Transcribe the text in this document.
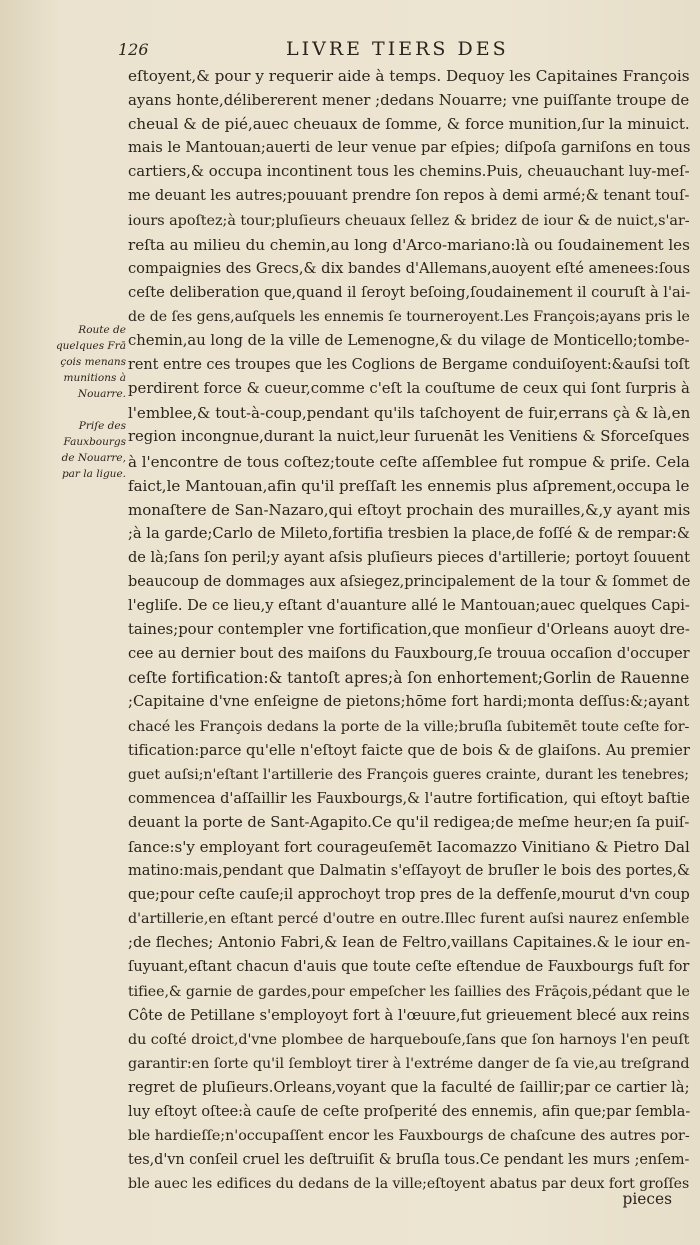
126	LIVRE TIERS DES
Route de
quelques Frā
çois menans
munitions à
Nouarre.
Priſe des
Fauxbourgs
de Nouarre,
par la ligue.
eſtoyent,& pour y requerir aide à temps. Dequoy les Capitaines François
ayans honte,délibererent mener ;dedans Nouarre; vne puiſſante troupe de
cheual & de pié,auec cheuaux de ſomme, & force munition,ſur la minuict.
mais le Mantouan;auerti de leur venue par eſpies; diſpoſa garniſons en tous
cartiers,& occupa incontinent tous les chemins.Puis, cheuauchant luy-meſ-
me deuant les autres;pouuant prendre ſon repos à demi armé;& tenant touſ-
iours apoſtez;à tour;pluſieurs cheuaux ſellez & bridez de iour & de nuict,s'ar-
reſta au milieu du chemin,au long d'Arco-mariano:là ou ſoudainement les
compaignies des Grecs,& dix bandes d'Allemans,auoyent eſté amenees:ſous
ceſte deliberation que,quand il ſeroyt beſoing,ſoudainement il couruſt à l'ai-
de de ſes gens,auſquels les ennemis ſe tourneroyent.Les François;ayans pris le
chemin,au long de la ville de Lemenogne,& du vilage de Monticello;tombe-
rent entre ces troupes que les Coglions de Bergame conduiſoyent:&auſsi toſt
perdirent force & cueur,comme c'eſt la couſtume de ceux qui ſont ſurpris à
l'emblee,& tout-à-coup,pendant qu'ils taſchoyent de fuir,errans çà & là,en
region incongnue,durant la nuict,leur ſuruenāt les Venitiens & Sforceſques
à l'encontre de tous coſtez;toute ceſte aſſemblee fut rompue & priſe. Cela
faict,le Mantouan,afin qu'il preſſaſt les ennemis plus aſprement,occupa le
monaſtere de San-Nazaro,qui eſtoyt prochain des murailles,&,y ayant mis
;à la garde;Carlo de Mileto,fortifia tresbien la place,de foſſé & de rempar:&
de là;ſans ſon peril;y ayant aſsis pluſieurs pieces d'artillerie; portoyt ſouuent
beaucoup de dommages aux aſsiegez,principalement de la tour & ſommet de
l'egliſe. De ce lieu,y eſtant d'auanture allé le Mantouan;auec quelques Capi-
taines;pour contempler vne fortification,que monſieur d'Orleans auoyt dre-
cee au dernier bout des maiſons du Fauxbourg,ſe trouua occaſion d'occuper
ceſte fortification:& tantoſt apres;à ſon enhortement;Gorlin de Rauenne
;Capitaine d'vne enſeigne de pietons;hōme fort hardi;monta deſſus:&;ayant
chacé les François dedans la porte de la ville;bruſla ſubitemēt toute ceſte for-
tification:parce qu'elle n'eſtoyt faicte que de bois & de glaiſons. Au premier
guet auſsi;n'eſtant l'artillerie des François gueres crainte, durant les tenebres;
commencea d'aſſaillir les Fauxbourgs,& l'autre fortification, qui eſtoyt baſtie
deuant la porte de Sant-Agapito.Ce qu'il redigea;de meſme heur;en ſa puiſ-
ſance:s'y employant fort courageuſemēt Iacomazzo Vinitiano & Pietro Dal
matino:mais,pendant que Dalmatin s'eſſayoyt de bruſler le bois des portes,&
que;pour ceſte cauſe;il approchoyt trop pres de la deffenſe,mourut d'vn coup
d'artillerie,en eſtant percé d'outre en outre.Illec furent auſsi naurez enſemble
;de fleches; Antonio Fabri,& Iean de Feltro,vaillans Capitaines.& le iour en-
ſuyuant,eſtant chacun d'auis que toute ceſte eſtendue de Fauxbourgs fuſt for
tifiee,& garnie de gardes,pour empeſcher les ſaillies des Frāçois,pédant que le
Côte de Petillane s'employoyt fort à l'œuure,fut grieuement blecé aux reins
du coſté droict,d'vne plombee de harquebouſe,ſans que ſon harnoys l'en peuſt
garantir:en ſorte qu'il ſembloyt tirer à l'extréme danger de ſa vie,au treſgrand
regret de pluſieurs.Orleans,voyant que la faculté de ſaillir;par ce cartier là;
luy eſtoyt oſtee:à cauſe de ceſte proſperité des ennemis, afin que;par ſembla-
ble hardieſſe;n'occupaſſent encor les Fauxbourgs de chaſcune des autres por-
tes,d'vn conſeil cruel les deſtruiſit & bruſla tous.Ce pendant les murs ;enſem-
ble auec les edifices du dedans de la ville;eſtoyent abatus par deux fort groſſes
pieces
